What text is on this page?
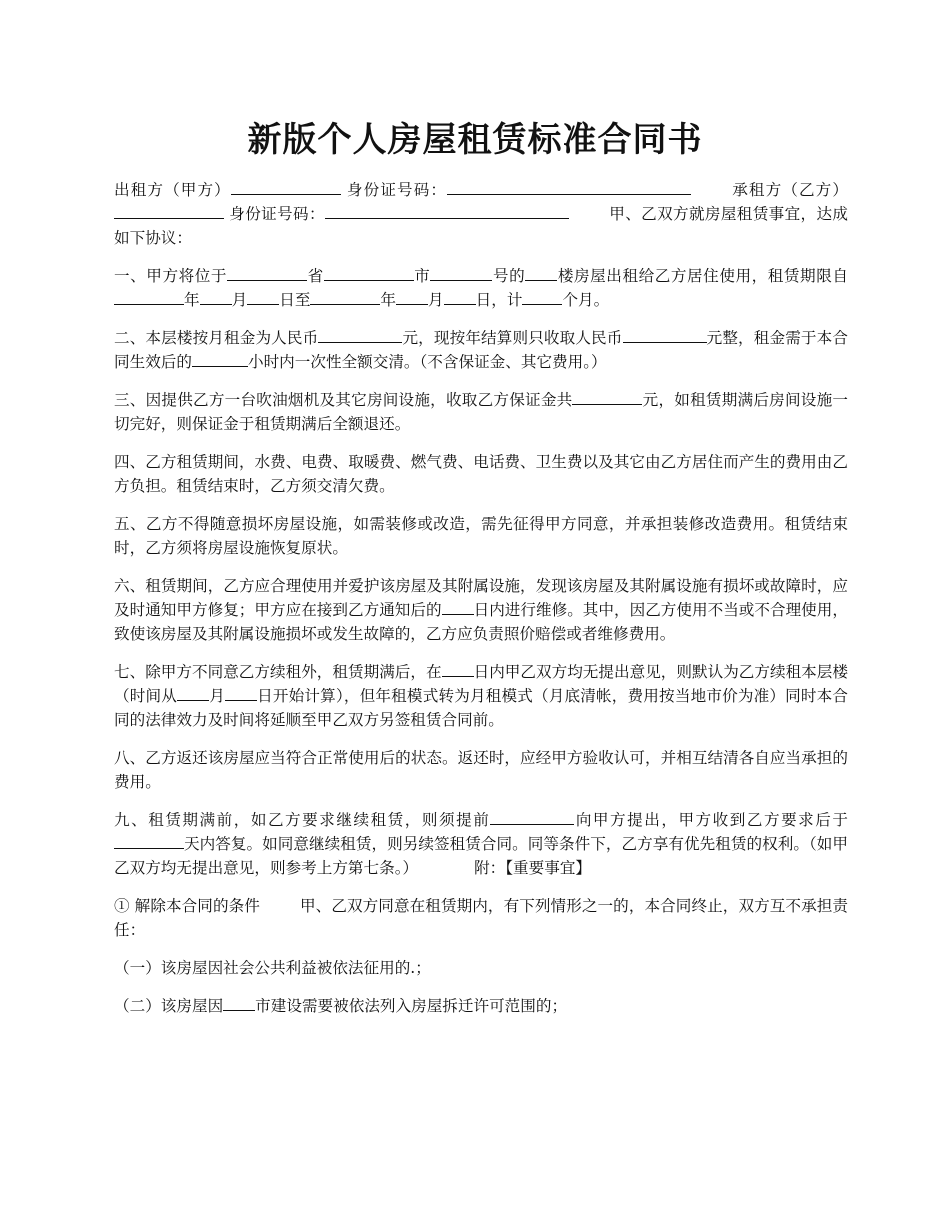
新版个人房屋租赁标准合同书

出租方（甲方）	身份证号码：	承租方（乙方） 身份证号码：	甲、乙双方就房屋租赁事宜，达成如下协议：

一、甲方将位于	省	市	号的 楼房屋出租给乙方居住使用，租赁期限自年 月 日至	年 月 日，计	个月。

二、本层楼按月租金为人民币	元，现按年结算则只收取人民币	元整，租金需于本合同生效后的	小时内一次性全额交清。（不含保证金、其它费用。）

三、因提供乙方一台吹油烟机及其它房间设施，收取乙方保证金共	元，如租赁期满后房间设施一切完好，则保证金于租赁期满后全额退还。

四、乙方租赁期间，水费、电费、取暖费、燃气费、电话费、卫生费以及其它由乙方居住而产生的费用由乙方负担。租赁结束时，乙方须交清欠费。

五、乙方不得随意损坏房屋设施，如需装修或改造，需先征得甲方同意，并承担装修改造费用。租赁结束时，乙方须将房屋设施恢复原状。

六、租赁期间，乙方应合理使用并爱护该房屋及其附属设施，发现该房屋及其附属设施有损坏或故障时，应及时通知甲方修复；甲方应在接到乙方通知后的 日内进行维修。其中，因乙方使用不当或不合理使用，致使该房屋及其附属设施损坏或发生故障的，乙方应负责照价赔偿或者维修费用。

七、除甲方不同意乙方续租外，租赁期满后，在 日内甲乙双方均无提出意见，则默认为乙方续租本层楼（时间从 月 日开始计算），但年租模式转为月租模式（月底清帐，费用按当地市价为准）同时本合同的法律效力及时间将延顺至甲乙双方另签租赁合同前。

八、乙方返还该房屋应当符合正常使用后的状态。返还时，应经甲方验收认可，并相互结清各自应当承担的费用。

九、租赁期满前，如乙方要求继续租赁，则须提前	向甲方提出，甲方收到乙方要求后于天内答复。如同意继续租赁，则另续签租赁合同。同等条件下，乙方享有优先租赁的权利。（如甲乙双方均无提出意见，则参考上方第七条。）	附：【重要事宜】

① 解除本合同的条件	甲、乙双方同意在租赁期内，有下列情形之一的，本合同终止，双方互不承担责任：

（一）该房屋因社会公共利益被依法征用的.；

（二）该房屋因 市建设需要被依法列入房屋拆迁许可范围的；
